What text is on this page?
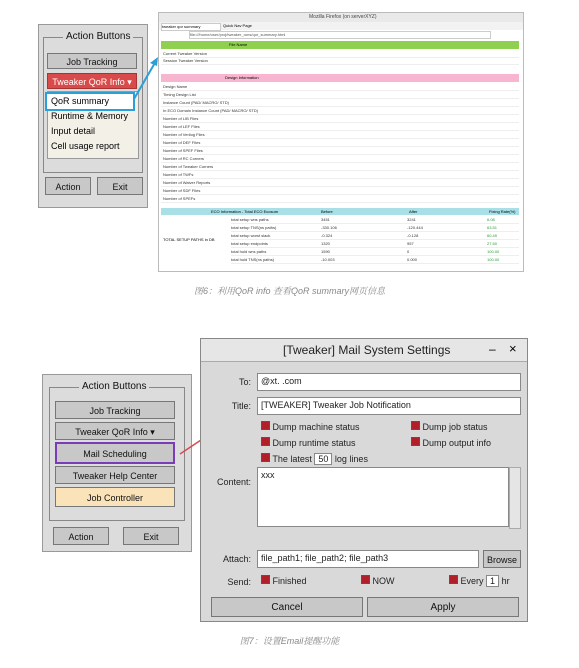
Action Buttons
Job Tracking
Tweaker QoR Info ▾
QoR summary
Runtime & Memory
Input detail
Cell usage report
Action	Exit
Mozilla Firefox (on serverXYZ)
tweaker qor summary	Quick Nav Page
file:///home/user/proj/tweaker_runs/qor_summary.html
File Name
Current Tweaker Version
Session Tweaker Version
Design Information
Design Name
Timing Design List
Instance Count (PAD/ MACRO/ STD)
In ECO Domain Instance Count (PAD/ MACRO/ STD)
Number of LIB Files
Number of LEF Files
Number of Verilog Files
Number of DEF Files
Number of SPEF Files
Number of RC Corners
Number of Tweaker Corners
Number of TWFs
Number of Waiver Reports
Number of SDF Files
Number of SPEFs
ECO Information - Total ECO Ecosum	Before	After	Fixing Rate(%)
TOTAL SETUP PATHS in DB
total setup wns paths	3451	3241	6.08
total setup TNS(ns paths)	-330.106	-120.444	63.51
total setup worst slack	-0.324	-0.128	60.49
total setup endpoints	1320	957	27.50
total hold wns paths	1590	0	100.00
total hold TNS(ns paths)	-10.003	0.000	100.00
图6：利用QoR info 查看QoR summary网页信息
Action Buttons
Job Tracking
Tweaker QoR Info ▾
Mail Scheduling
Tweaker Help Center
Job Controller
Action	Exit
[Tweaker] Mail System Settings	– ×
To:	@xt. .com
Title:	[TWEAKER] Tweaker Job Notification
Dump machine status	Dump job status
Dump runtime status	Dump output info
The latest 50 log lines
Content:
xxx
Attach:	file_path1; file_path2; file_path3	Browse
Send:	Finished	NOW	Every 1 hr
Cancel	Apply
图7：设置Email提醒功能
